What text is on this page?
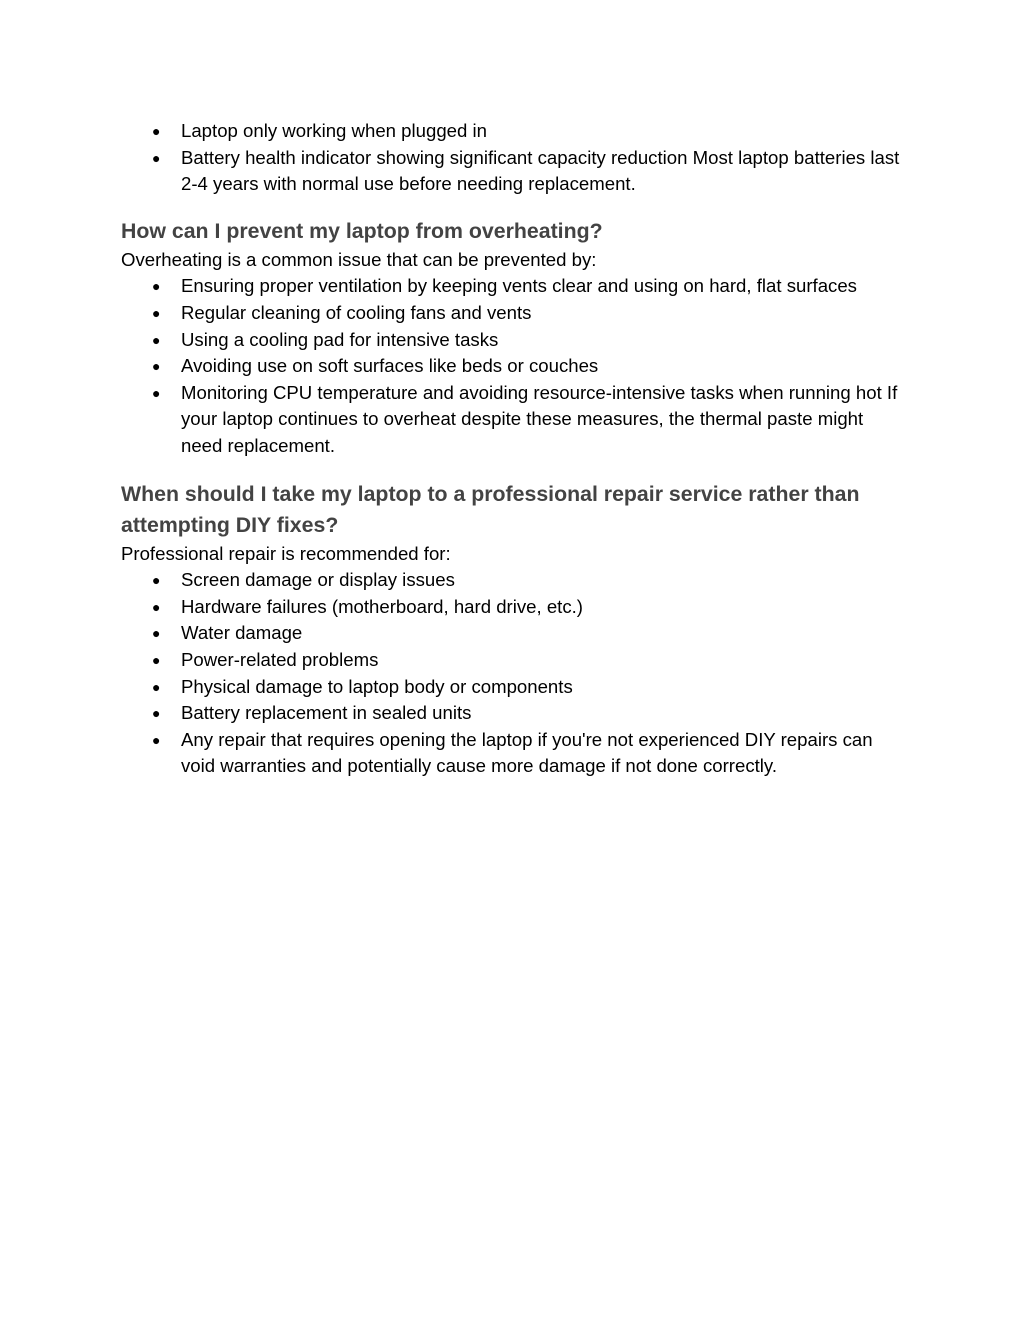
● Laptop only working when plugged in
● Battery health indicator showing significant capacity reduction Most laptop batteries last 2-4 years with normal use before needing replacement.
How can I prevent my laptop from overheating?

Overheating is a common issue that can be prevented by:

● Ensuring proper ventilation by keeping vents clear and using on hard, flat surfaces
● Regular cleaning of cooling fans and vents
● Using a cooling pad for intensive tasks
● Avoiding use on soft surfaces like beds or couches
● Monitoring CPU temperature and avoiding resource-intensive tasks when running hot If your laptop continues to overheat despite these measures, the thermal paste might need replacement.
When should I take my laptop to a professional repair service rather than attempting DIY fixes?

Professional repair is recommended for:

● Screen damage or display issues
● Hardware failures (motherboard, hard drive, etc.)
● Water damage
● Power-related problems
● Physical damage to laptop body or components
● Battery replacement in sealed units
● Any repair that requires opening the laptop if you're not experienced DIY repairs can void warranties and potentially cause more damage if not done correctly.
